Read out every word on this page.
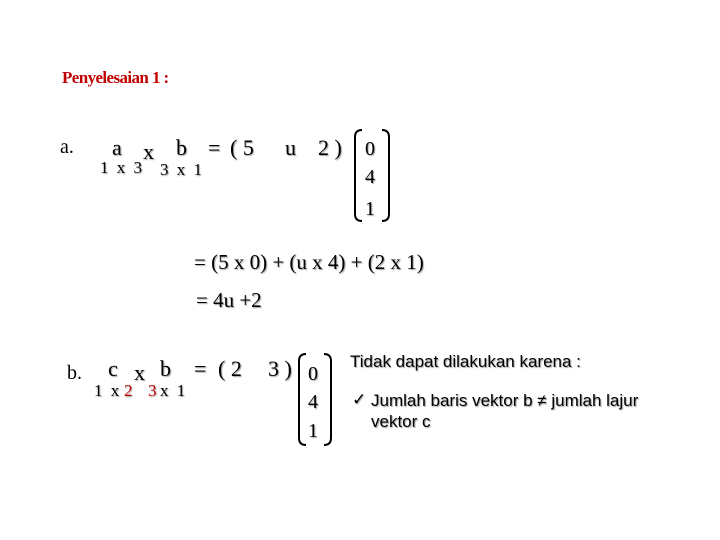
Penyelesaian 1 :
a. a x b = ( 5 u 2 )
1 x 3 3 x 1
0
4
1
= (5 x 0) + (u x 4) + (2 x 1)
= 4u +2
b. c x b = ( 2 3 )
1 x 2 3 x 1
0
4
1
Tidak dapat dilakukan karena :
✓ Jumlah baris vektor b ≠ jumlah lajur
vektor c
